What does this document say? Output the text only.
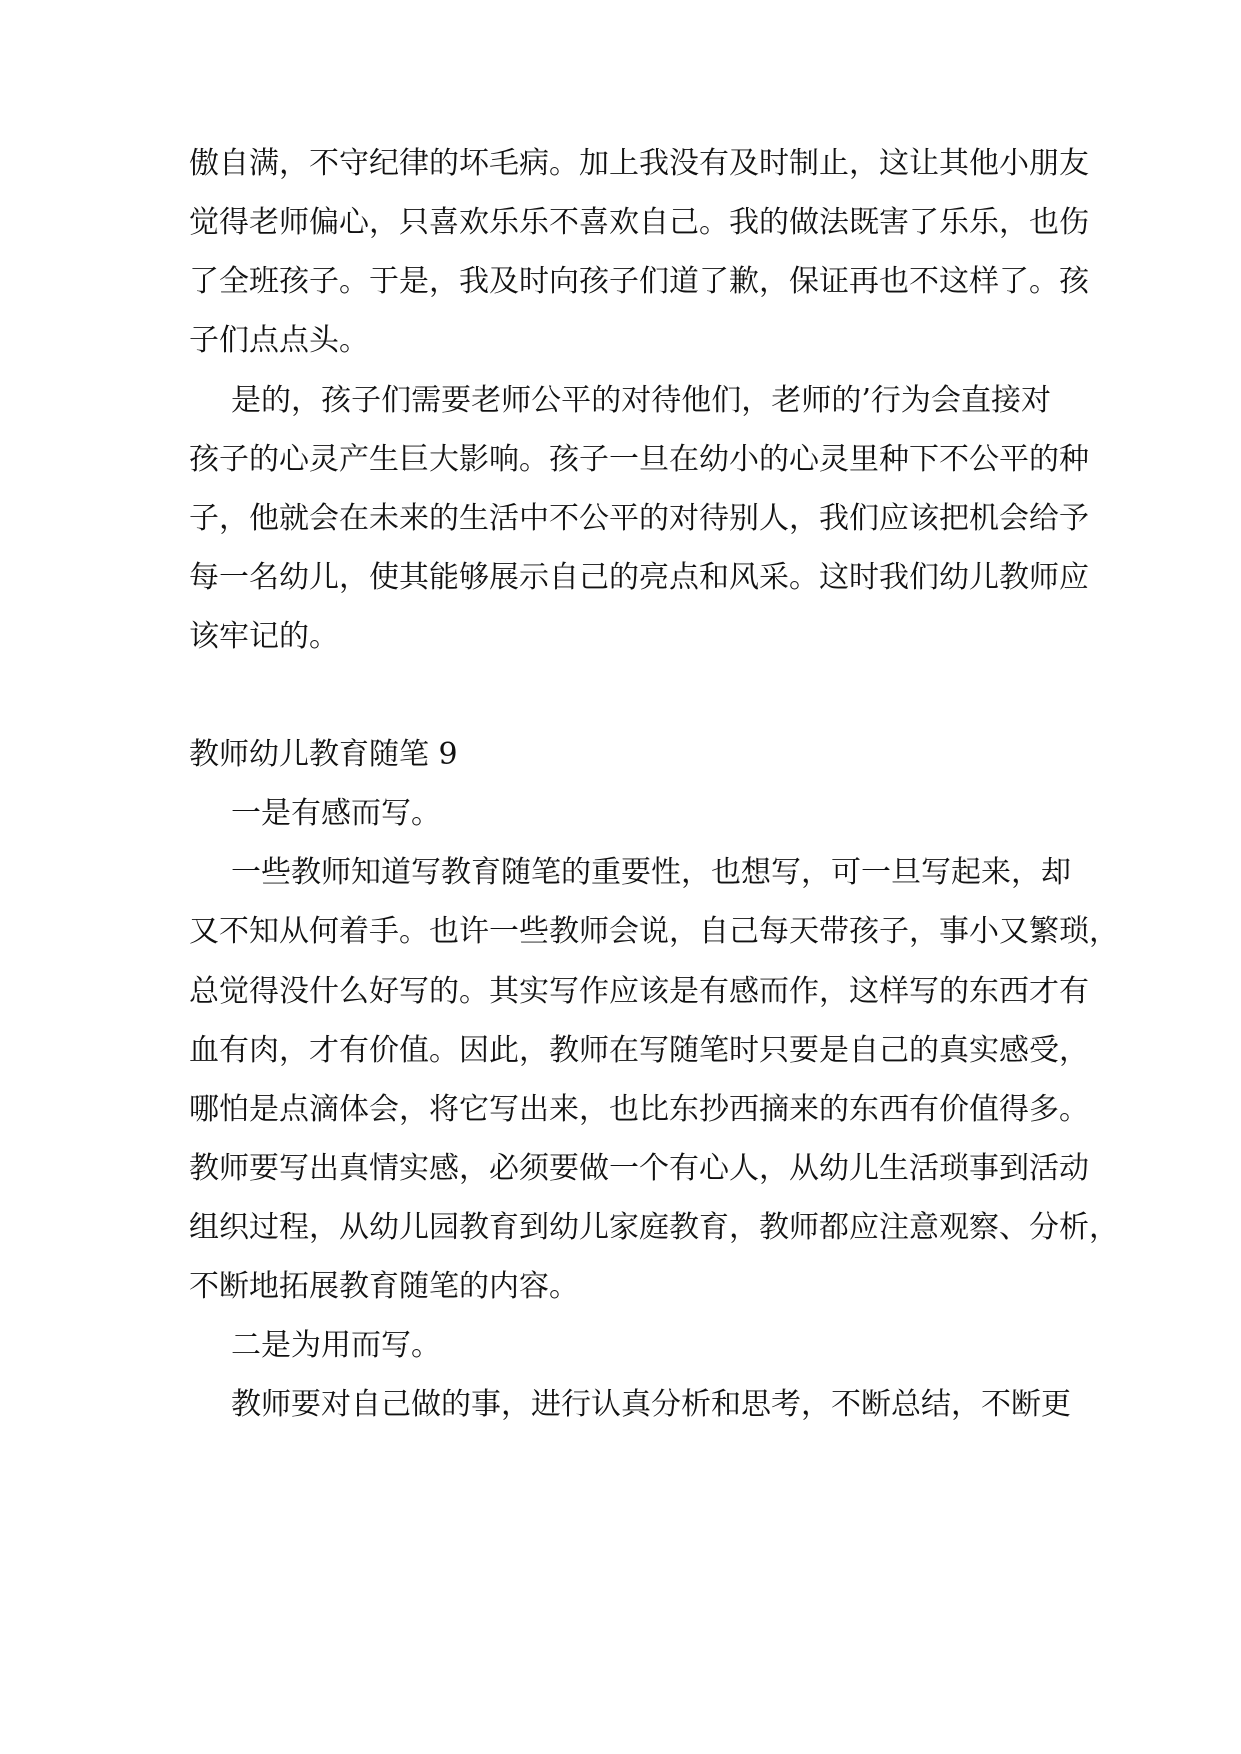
傲自满，不守纪律的坏毛病。加上我没有及时制止，这让其他小朋友
觉得老师偏心，只喜欢乐乐不喜欢自己。我的做法既害了乐乐，也伤
了全班孩子。于是，我及时向孩子们道了歉，保证再也不这样了。孩
子们点点头。
是的，孩子们需要老师公平的对待他们，老师的’行为会直接对
孩子的心灵产生巨大影响。孩子一旦在幼小的心灵里种下不公平的种
子，他就会在未来的生活中不公平的对待别人，我们应该把机会给予
每一名幼儿，使其能够展示自己的亮点和风采。这时我们幼儿教师应
该牢记的。
教师幼儿教育随笔 9
一是有感而写。
一些教师知道写教育随笔的重要性，也想写，可一旦写起来，却
又不知从何着手。也许一些教师会说，自己每天带孩子，事小又繁琐，
总觉得没什么好写的。其实写作应该是有感而作，这样写的东西才有
血有肉，才有价值。因此，教师在写随笔时只要是自己的真实感受，
哪怕是点滴体会，将它写出来，也比东抄西摘来的东西有价值得多。
教师要写出真情实感，必须要做一个有心人，从幼儿生活琐事到活动
组织过程，从幼儿园教育到幼儿家庭教育，教师都应注意观察、分析，
不断地拓展教育随笔的内容。
二是为用而写。
教师要对自己做的事，进行认真分析和思考，不断总结，不断更
